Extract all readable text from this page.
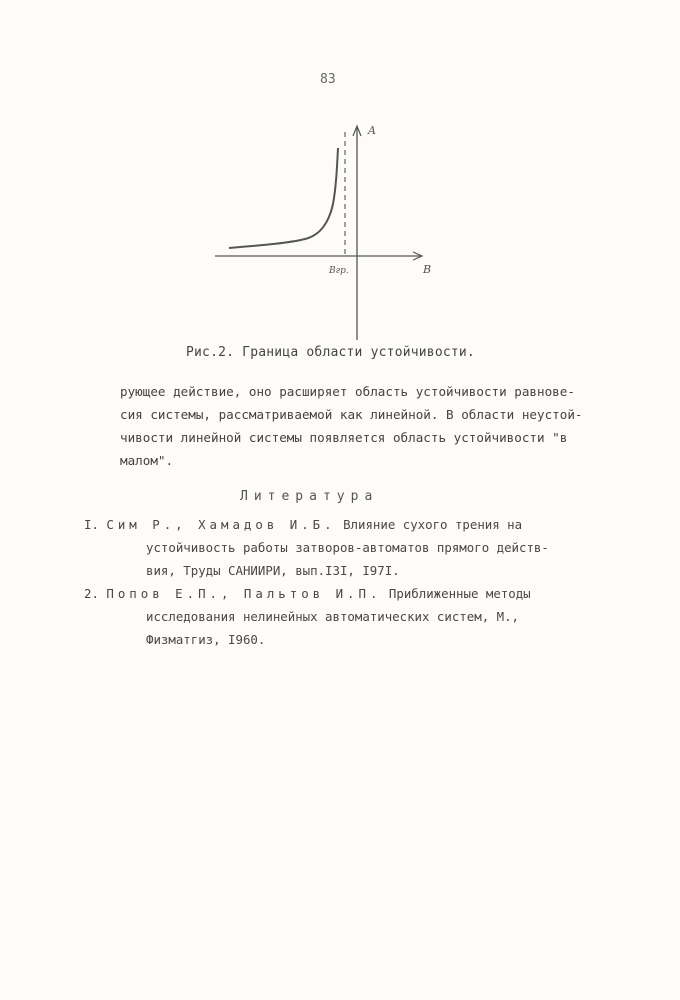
83
A
B
Bгр.
Рис.2. Граница области устойчивости.

рующее действие, оно расширяет область устойчивости равнове-

сия системы, рассматриваемой как линейной. В области неустой-

чивости линейной системы появляется область устойчивости "в

малом".

Литература

I. Сим Р., Хамадов И.Б. Влияние сухого трения на

устойчивость работы затворов-автоматов прямого действ-

вия, Труды САНИИРИ, вып.I3I, I97I.

2. Попов Е.П., Пальтов И.П. Приближенные методы

исследования нелинейных автоматических систем, М.,

Физматгиз, I960.
